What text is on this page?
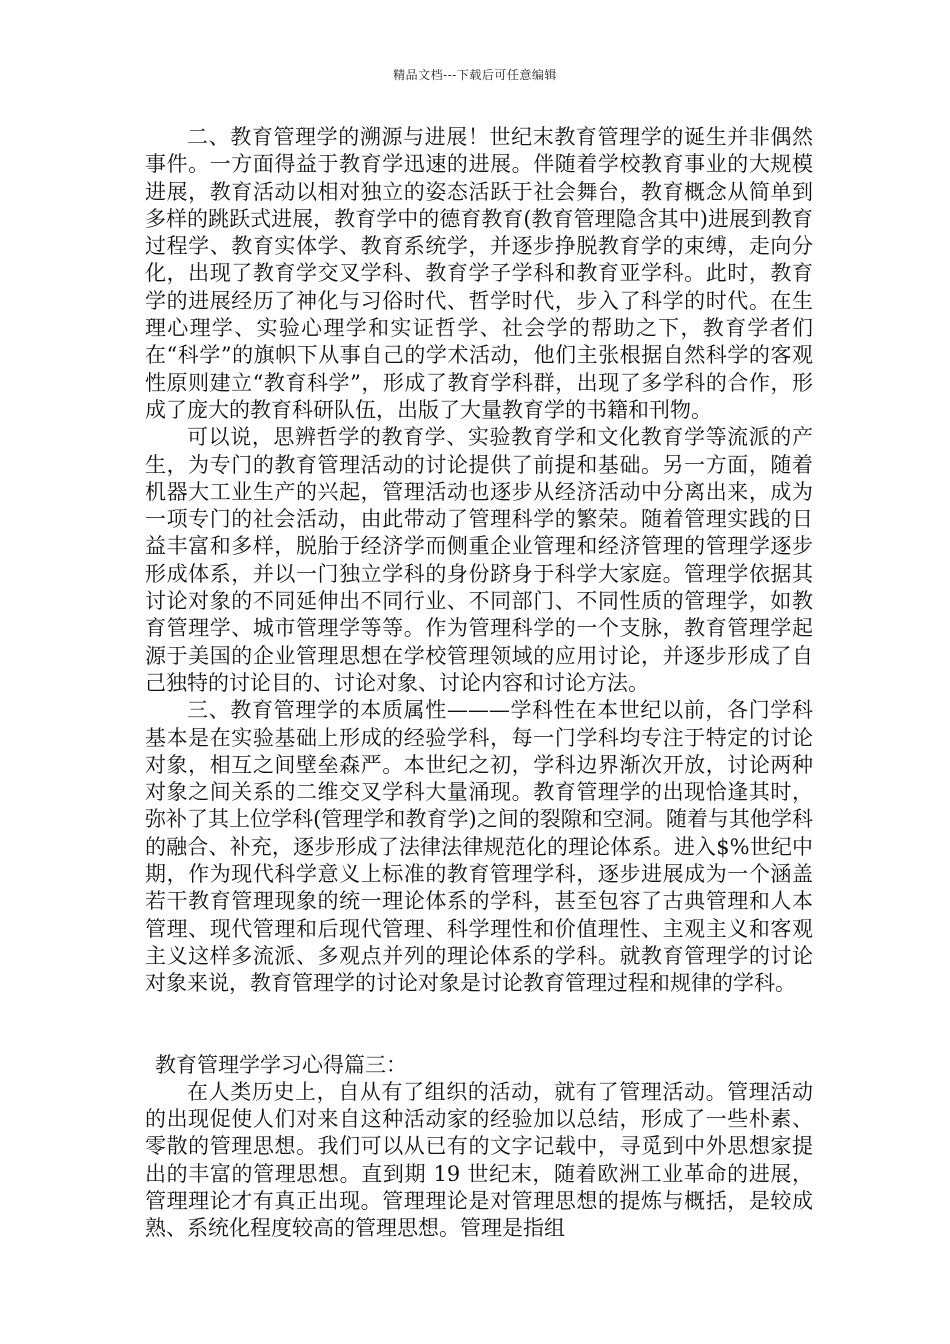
精品文档---下载后可任意编辑

二、教育管理学的溯源与进展！世纪末教育管理学的诞生并非偶然事件。一方面得益于教育学迅速的进展。伴随着学校教育事业的大规模进展，教育活动以相对独立的姿态活跃于社会舞台，教育概念从简单到多样的跳跃式进展，教育学中的德育教育(教育管理隐含其中)进展到教育过程学、教育实体学、教育系统学，并逐步挣脱教育学的束缚，走向分化，出现了教育学交叉学科、教育学子学科和教育亚学科。此时，教育学的进展经历了神化与习俗时代、哲学时代，步入了科学的时代。在生理心理学、实验心理学和实证哲学、社会学的帮助之下，教育学者们在“科学”的旗帜下从事自己的学术活动，他们主张根据自然科学的客观性原则建立“教育科学”，形成了教育学科群，出现了多学科的合作，形成了庞大的教育科研队伍，出版了大量教育学的书籍和刊物。

可以说，思辨哲学的教育学、实验教育学和文化教育学等流派的产生，为专门的教育管理活动的讨论提供了前提和基础。另一方面，随着机器大工业生产的兴起，管理活动也逐步从经济活动中分离出来，成为一项专门的社会活动，由此带动了管理科学的繁荣。随着管理实践的日益丰富和多样，脱胎于经济学而侧重企业管理和经济管理的管理学逐步形成体系，并以一门独立学科的身份跻身于科学大家庭。管理学依据其讨论对象的不同延伸出不同行业、不同部门、不同性质的管理学，如教育管理学、城市管理学等等。作为管理科学的一个支脉，教育管理学起源于美国的企业管理思想在学校管理领域的应用讨论，并逐步形成了自己独特的讨论目的、讨论对象、讨论内容和讨论方法。

三、教育管理学的本质属性———学科性在本世纪以前，各门学科基本是在实验基础上形成的经验学科，每一门学科均专注于特定的讨论对象，相互之间壁垒森严。本世纪之初，学科边界渐次开放，讨论两种对象之间关系的二维交叉学科大量涌现。教育管理学的出现恰逢其时，弥补了其上位学科(管理学和教育学)之间的裂隙和空洞。随着与其他学科的融合、补充，逐步形成了法律法律规范化的理论体系。进入$%世纪中期，作为现代科学意义上标准的教育管理学科，逐步进展成为一个涵盖若干教育管理现象的统一理论体系的学科，甚至包容了古典管理和人本管理、现代管理和后现代管理、科学理性和价值理性、主观主义和客观主义这样多流派、多观点并列的理论体系的学科。就教育管理学的讨论对象来说，教育管理学的讨论对象是讨论教育管理过程和规律的学科。

教育管理学学习心得篇三：

在人类历史上，自从有了组织的活动，就有了管理活动。管理活动的出现促使人们对来自这种活动家的经验加以总结，形成了一些朴素、零散的管理思想。我们可以从已有的文字记载中，寻觅到中外思想家提出的丰富的管理思想。直到期 19 世纪末，随着欧洲工业革命的进展，管理理论才有真正出现。管理理论是对管理思想的提炼与概括，是较成熟、系统化程度较高的管理思想。管理是指组
